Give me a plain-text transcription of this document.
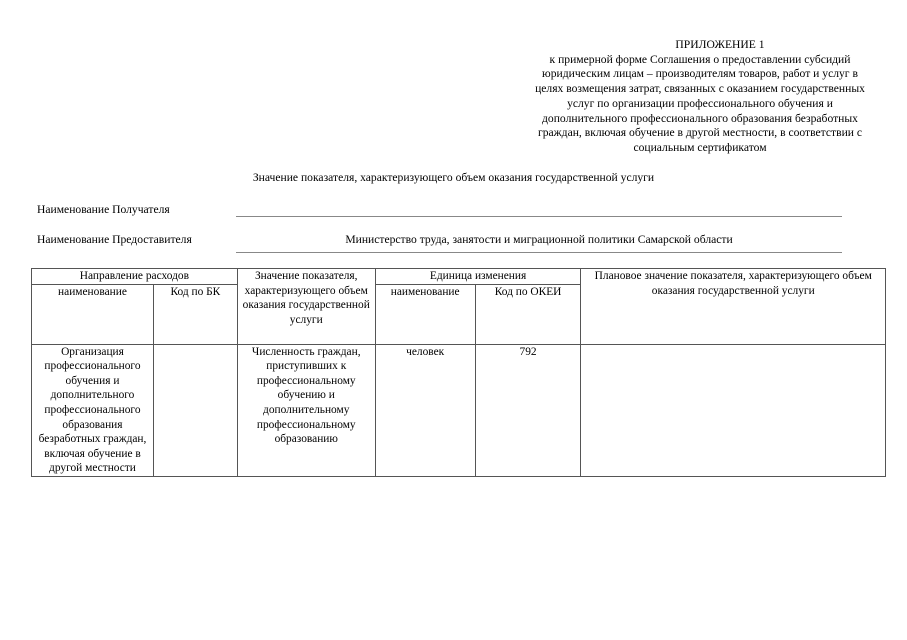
ПРИЛОЖЕНИЕ 1
к примерной форме Соглашения о предоставлении субсидий
юридическим лицам – производителям товаров, работ и услуг в
целях возмещения затрат, связанных с оказанием государственных
услуг по организации профессионального обучения и
дополнительного профессионального образования безработных
граждан, включая обучение в другой местности, в соответствии с
социальным сертификатом
Значение показателя, характеризующего объем оказания государственной услуги
Наименование Получателя
Наименование Предоставителя	Министерство труда, занятости и миграционной политики Самарской области
Направление расходов		Значение показателя, характеризующего объем оказания государственной услуги	Единица изменения		Плановое значение показателя, характеризующего объем оказания государственной услуги
наименование	Код по БК		наименование	Код по ОКЕИ	
Организация профессионального обучения и дополнительного профессионального образования безработных граждан, включая обучение в другой местности		Численность граждан, приступивших к профессиональному обучению и дополнительному профессиональному образованию	человек	792	
